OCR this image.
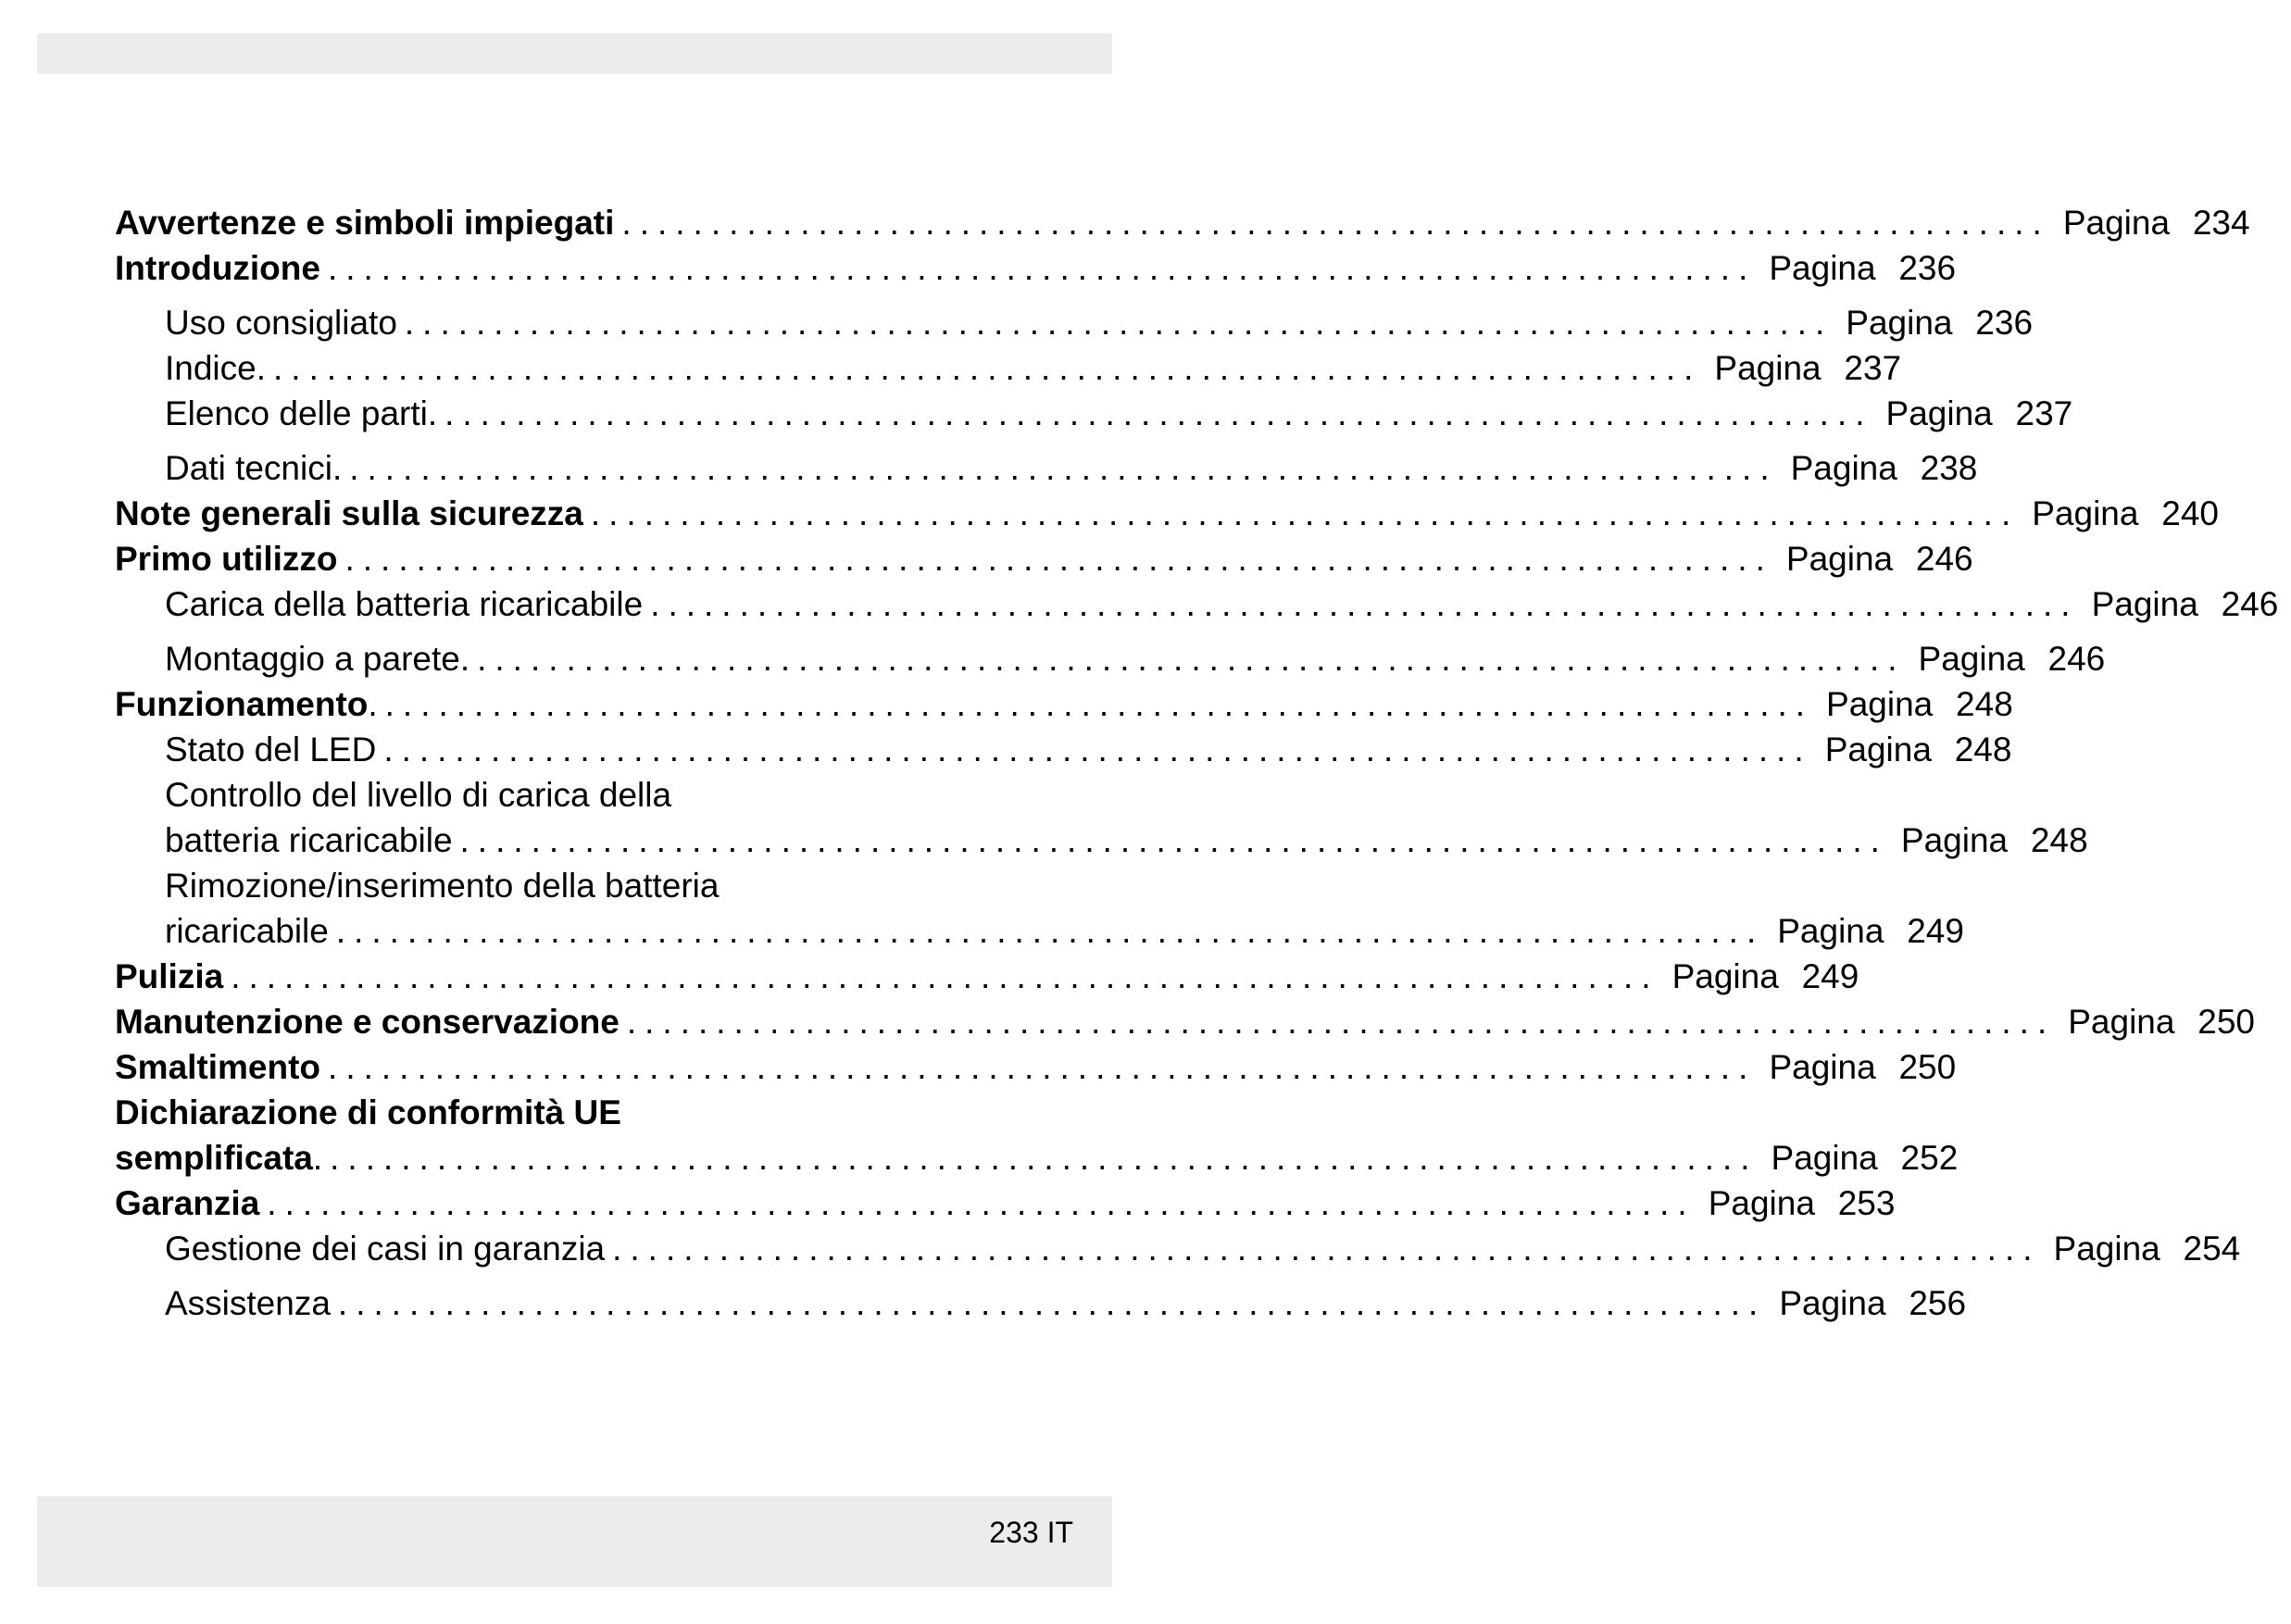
Avvertenze e simboli impiegati ................................................................................ Pagina 234
Introduzione ................................................................................ Pagina 236
Uso consigliato ................................................................................ Pagina 236
Indice. ................................................................................ Pagina 237
Elenco delle parti. ................................................................................ Pagina 237
Dati tecnici. ................................................................................ Pagina 238
Note generali sulla sicurezza ................................................................................ Pagina 240
Primo utilizzo ................................................................................ Pagina 246
Carica della batteria ricaricabile ................................................................................ Pagina 246
Montaggio a parete. ................................................................................ Pagina 246
Funzionamento. ................................................................................ Pagina 248
Stato del LED ................................................................................ Pagina 248
Controllo del livello di carica della
batteria ricaricabile ................................................................................ Pagina 248
Rimozione/inserimento della batteria
ricaricabile ................................................................................ Pagina 249
Pulizia ................................................................................ Pagina 249
Manutenzione e conservazione ................................................................................ Pagina 250
Smaltimento ................................................................................ Pagina 250
Dichiarazione di conformità UE
semplificata. ................................................................................ Pagina 252
Garanzia ................................................................................ Pagina 253
Gestione dei casi in garanzia ................................................................................ Pagina 254
Assistenza ................................................................................ Pagina 256
233 IT
